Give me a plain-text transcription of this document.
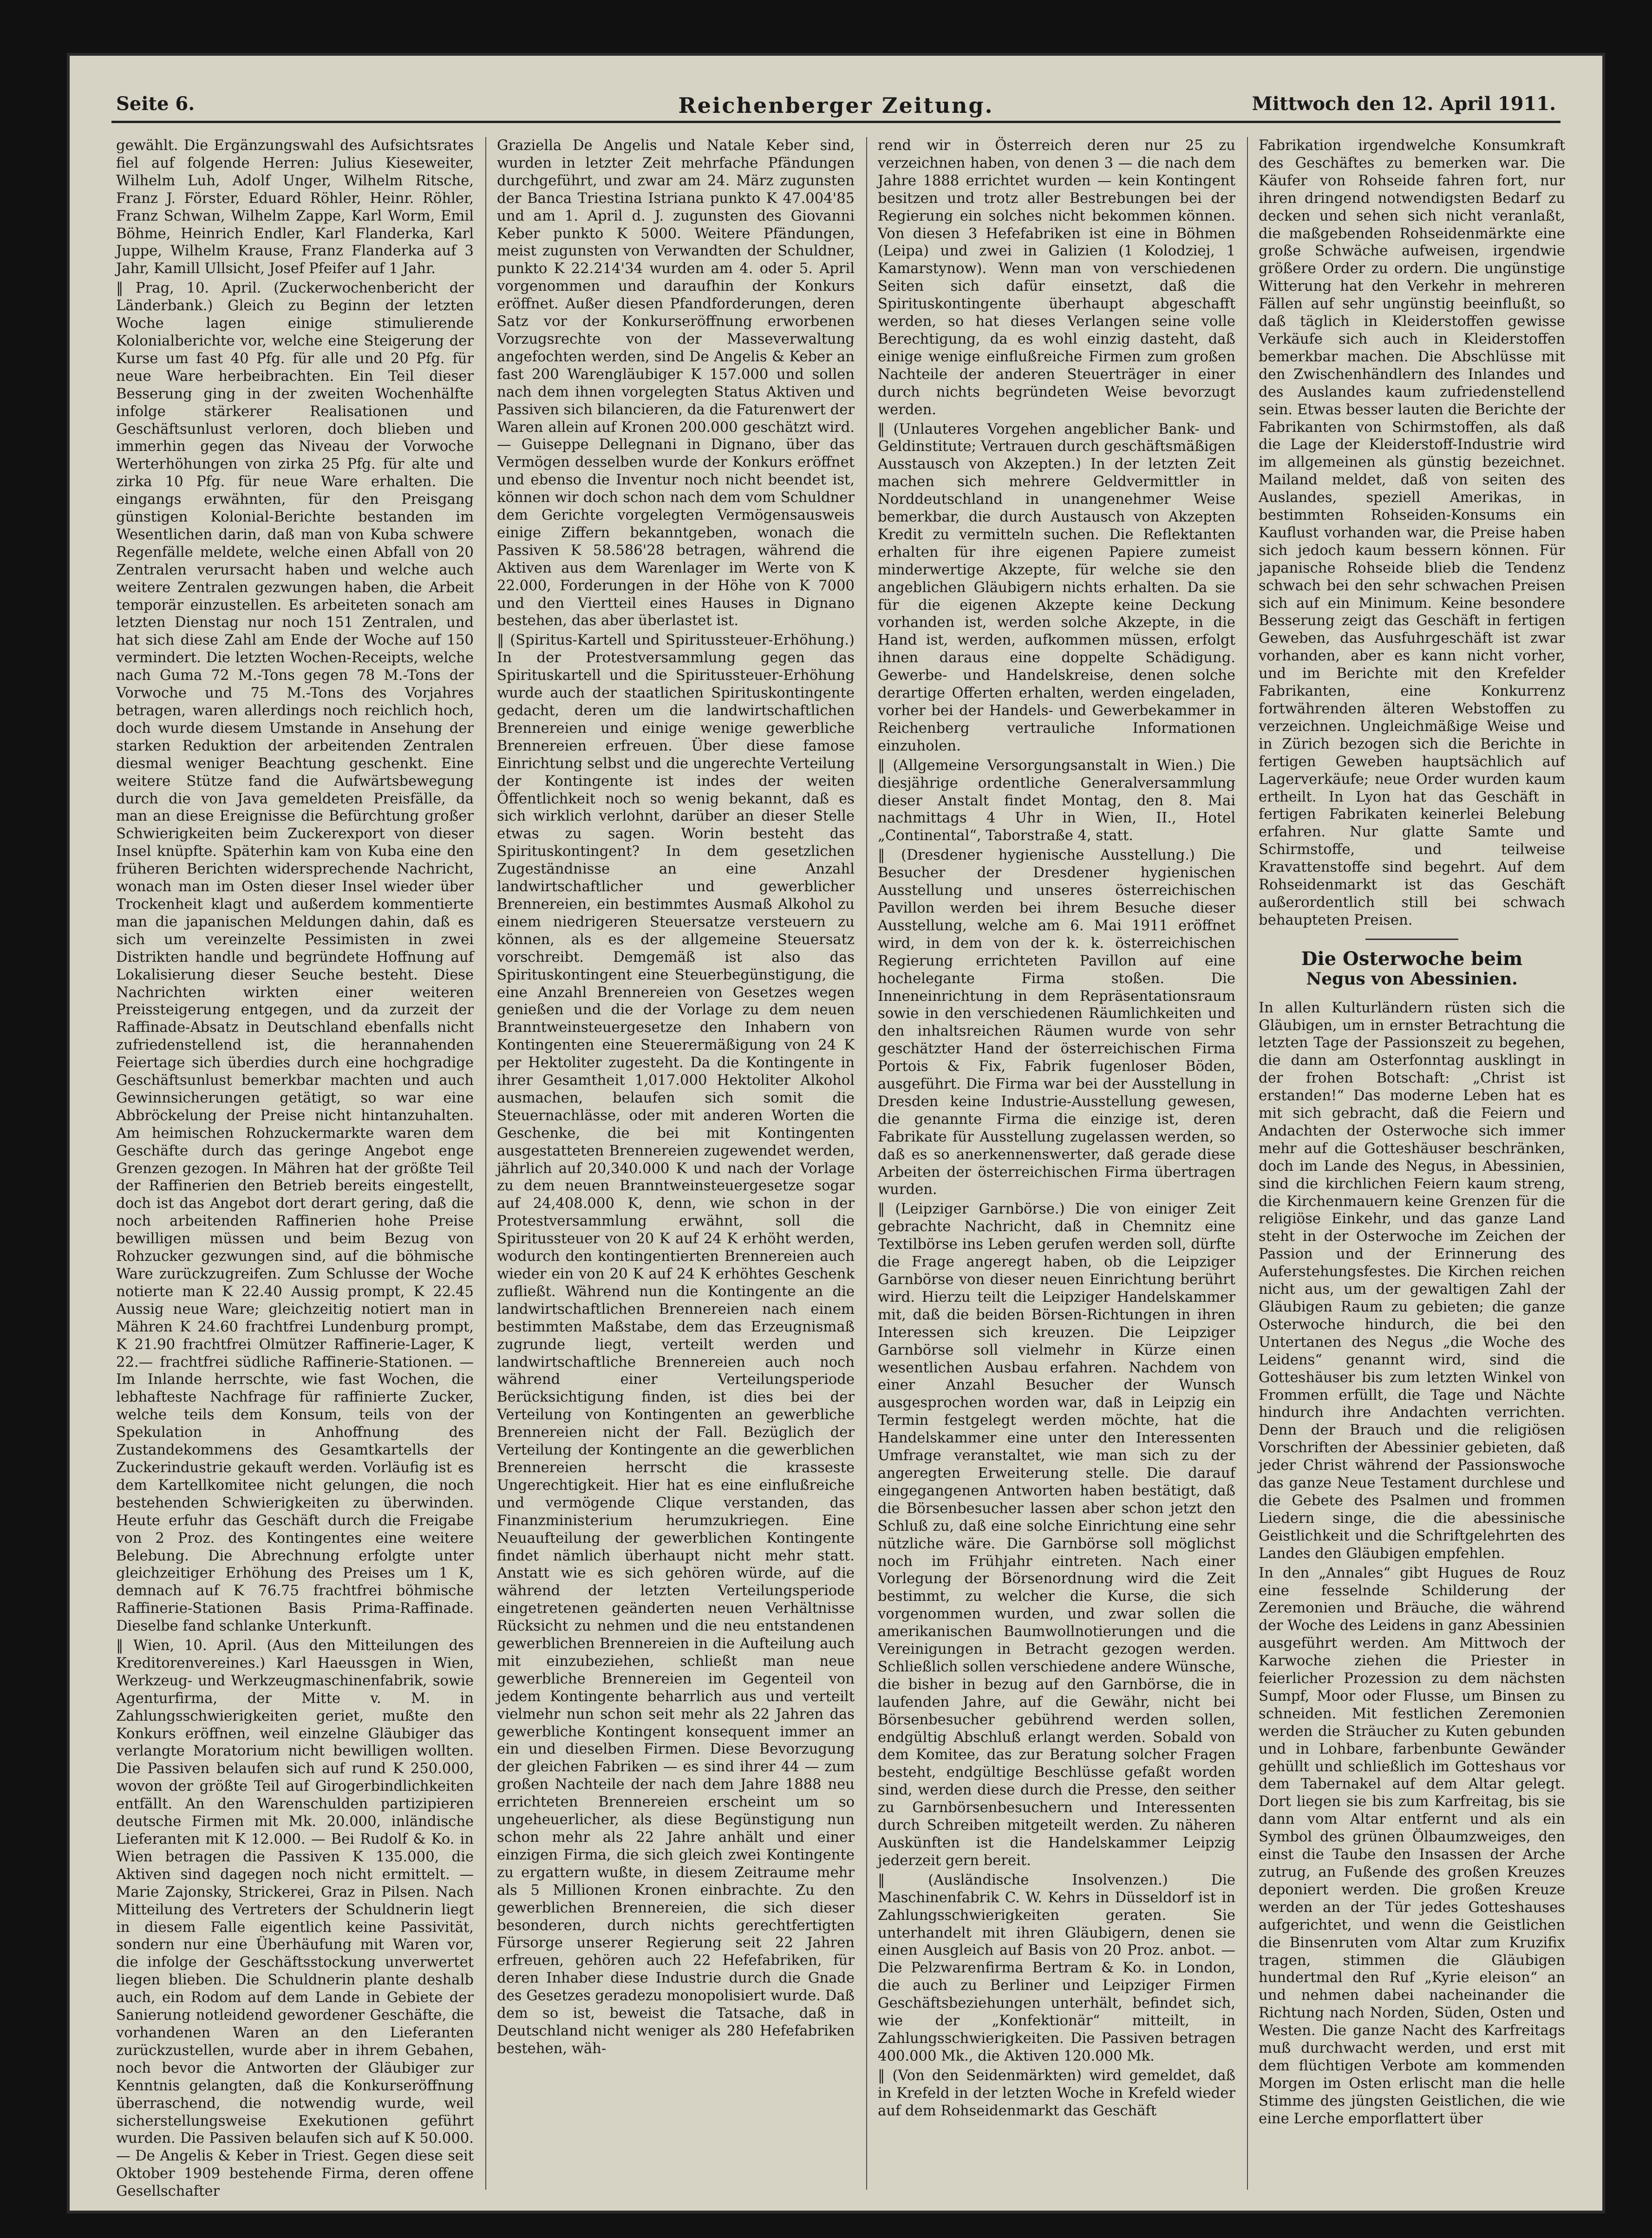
Seite 6.	Reichenberger Zeitung.	Mittwoch den 12. April 1911.

gewählt. Die Ergänzungswahl des Aufsichtsrates fiel auf folgende Herren: Julius Kieseweiter, Wilhelm Luh, Adolf Unger, Wilhelm Ritsche, Franz J. Förster, Eduard Röhler, Heinr. Röhler, Franz Schwan, Wilhelm Zappe, Karl Worm, Emil Böhme, Heinrich Endler, Karl Flanderka, Karl Juppe, Wilhelm Krause, Franz Flanderka auf 3 Jahr, Kamill Ullsicht, Josef Pfeifer auf 1 Jahr.

‖ Prag, 10. April. (Zuckerwochenbericht der Länderbank.) Gleich zu Beginn der letzten Woche lagen einige stimulierende Kolonialberichte vor, welche eine Steigerung der Kurse um fast 40 Pfg. für alle und 20 Pfg. für neue Ware herbeibrachten. Ein Teil dieser Besserung ging in der zweiten Wochenhälfte infolge stärkerer Realisationen und Geschäftsunlust verloren, doch blieben und immerhin gegen das Niveau der Vorwoche Werterhöhungen von zirka 25 Pfg. für alte und zirka 10 Pfg. für neue Ware erhalten. Die eingangs erwähnten, für den Preisgang günstigen Kolonial-Berichte bestanden im Wesentlichen darin, daß man von Kuba schwere Regenfälle meldete, welche einen Abfall von 20 Zentralen verursacht haben und welche auch weitere Zentralen gezwungen haben, die Arbeit temporär einzustellen. Es arbeiteten sonach am letzten Dienstag nur noch 151 Zentralen, und hat sich diese Zahl am Ende der Woche auf 150 vermindert. Die letzten Wochen-Receipts, welche nach Guma 72 M.-Tons gegen 78 M.-Tons der Vorwoche und 75 M.-Tons des Vorjahres betragen, waren allerdings noch reichlich hoch, doch wurde diesem Umstande in Ansehung der starken Reduktion der arbeitenden Zentralen diesmal weniger Beachtung geschenkt. Eine weitere Stütze fand die Aufwärtsbewegung durch die von Java gemeldeten Preisfälle, da man an diese Ereignisse die Befürchtung großer Schwierigkeiten beim Zuckerexport von dieser Insel knüpfte. Späterhin kam von Kuba eine den früheren Berichten widersprechende Nachricht, wonach man im Osten dieser Insel wieder über Trockenheit klagt und außerdem kommentierte man die japanischen Meldungen dahin, daß es sich um vereinzelte Pessimisten in zwei Distrikten handle und begründete Hoffnung auf Lokalisierung dieser Seuche besteht. Diese Nachrichten wirkten einer weiteren Preissteigerung entgegen, und da zurzeit der Raffinade-Absatz in Deutschland ebenfalls nicht zufriedenstellend ist, die herannahenden Feiertage sich überdies durch eine hochgradige Geschäftsunlust bemerkbar machten und auch Gewinnsicherungen getätigt, so war eine Abbröckelung der Preise nicht hintanzuhalten. Am heimischen Rohzuckermarkte waren dem Geschäfte durch das geringe Angebot enge Grenzen gezogen. In Mähren hat der größte Teil der Raffinerien den Betrieb bereits eingestellt, doch ist das Angebot dort derart gering, daß die noch arbeitenden Raffinerien hohe Preise bewilligen müssen und beim Bezug von Rohzucker gezwungen sind, auf die böhmische Ware zurückzugreifen. Zum Schlusse der Woche notierte man K 22.40 Aussig prompt, K 22.45 Aussig neue Ware; gleichzeitig notiert man in Mähren K 24.60 frachtfrei Lundenburg prompt, K 21.90 frachtfrei Olmützer Raffinerie-Lager, K 22.— frachtfrei südliche Raffinerie-Stationen. — Im Inlande herrschte, wie fast Wochen, die lebhafteste Nachfrage für raffinierte Zucker, welche teils dem Konsum, teils von der Spekulation in Anhoffnung des Zustandekommens des Gesamtkartells der Zuckerindustrie gekauft werden. Vorläufig ist es dem Kartellkomitee nicht gelungen, die noch bestehenden Schwierigkeiten zu überwinden. Heute erfuhr das Geschäft durch die Freigabe von 2 Proz. des Kontingentes eine weitere Belebung. Die Abrechnung erfolgte unter gleichzeitiger Erhöhung des Preises um 1 K, demnach auf K 76.75 frachtfrei böhmische Raffinerie-Stationen Basis Prima-Raffinade. Dieselbe fand schlanke Unterkunft.

‖ Wien, 10. April. (Aus den Mitteilungen des Kreditorenvereines.) Karl Haeussgen in Wien, Werkzeug- und Werkzeugmaschinenfabrik, sowie Agenturfirma, der Mitte v. M. in Zahlungsschwierigkeiten geriet, mußte den Konkurs eröffnen, weil einzelne Gläubiger das verlangte Moratorium nicht bewilligen wollten. Die Passiven belaufen sich auf rund K 250.000, wovon der größte Teil auf Girogerbindlichkeiten entfällt. An den Warenschulden partizipieren deutsche Firmen mit Mk. 20.000, inländische Lieferanten mit K 12.000. — Bei Rudolf & Ko. in Wien betragen die Passiven K 135.000, die Aktiven sind dagegen noch nicht ermittelt. — Marie Zajonsky, Strickerei, Graz in Pilsen. Nach Mitteilung des Vertreters der Schuldnerin liegt in diesem Falle eigentlich keine Passivität, sondern nur eine Überhäufung mit Waren vor, die infolge der Geschäftsstockung unverwertet liegen blieben. Die Schuldnerin plante deshalb auch, ein Rodom auf dem Lande in Gebiete der Sanierung notleidend gewordener Geschäfte, die vorhandenen Waren an den Lieferanten zurückzustellen, wurde aber in ihrem Gebahen, noch bevor die Antworten der Gläubiger zur Kenntnis gelangten, daß die Konkurseröffnung überraschend, die notwendig wurde, weil sicherstellungsweise Exekutionen geführt wurden. Die Passiven belaufen sich auf K 50.000. — De Angelis & Keber in Triest. Gegen diese seit Oktober 1909 bestehende Firma, deren offene Gesellschafter

Graziella De Angelis und Natale Keber sind, wurden in letzter Zeit mehrfache Pfändungen durchgeführt, und zwar am 24. März zugunsten der Banca Triestina Istriana punkto K 47.004'85 und am 1. April d. J. zugunsten des Giovanni Keber punkto K 5000. Weitere Pfändungen, meist zugunsten von Verwandten der Schuldner, punkto K 22.214'34 wurden am 4. oder 5. April vorgenommen und daraufhin der Konkurs eröffnet. Außer diesen Pfandforderungen, deren Satz vor der Konkurseröffnung erworbenen Vorzugsrechte von der Masseverwaltung angefochten werden, sind De Angelis & Keber an fast 200 Warengläubiger K 157.000 und sollen nach dem ihnen vorgelegten Status Aktiven und Passiven sich bilancieren, da die Faturenwert der Waren allein auf Kronen 200.000 geschätzt wird. — Guiseppe Dellegnani in Dignano, über das Vermögen desselben wurde der Konkurs eröffnet und ebenso die Inventur noch nicht beendet ist, können wir doch schon nach dem vom Schuldner dem Gerichte vorgelegten Vermögensausweis einige Ziffern bekanntgeben, wonach die Passiven K 58.586'28 betragen, während die Aktiven aus dem Warenlager im Werte von K 22.000, Forderungen in der Höhe von K 7000 und den Viertteil eines Hauses in Dignano bestehen, das aber überlastet ist.

‖ (Spiritus-Kartell und Spiritussteuer-Erhöhung.) In der Protestversammlung gegen das Spirituskartell und die Spiritussteuer-Erhöhung wurde auch der staatlichen Spirituskontingente gedacht, deren um die landwirtschaftlichen Brennereien und einige wenige gewerbliche Brennereien erfreuen. Über diese famose Einrichtung selbst und die ungerechte Verteilung der Kontingente ist indes der weiten Öffentlichkeit noch so wenig bekannt, daß es sich wirklich verlohnt, darüber an dieser Stelle etwas zu sagen. Worin besteht das Spirituskontingent? In dem gesetzlichen Zugeständnisse an eine Anzahl landwirtschaftlicher und gewerblicher Brennereien, ein bestimmtes Ausmaß Alkohol zu einem niedrigeren Steuersatze versteuern zu können, als es der allgemeine Steuersatz vorschreibt. Demgemäß ist also das Spirituskontingent eine Steuerbegünstigung, die eine Anzahl Brennereien von Gesetzes wegen genießen und die der Vorlage zu dem neuen Branntweinsteuergesetze den Inhabern von Kontingenten eine Steuerermäßigung von 24 K per Hektoliter zugesteht. Da die Kontingente in ihrer Gesamtheit 1,017.000 Hektoliter Alkohol ausmachen, belaufen sich somit die Steuernachlässe, oder mit anderen Worten die Geschenke, die bei mit Kontingenten ausgestatteten Brennereien zugewendet werden, jährlich auf 20,340.000 K und nach der Vorlage zu dem neuen Branntweinsteuergesetze sogar auf 24,408.000 K, denn, wie schon in der Protestversammlung erwähnt, soll die Spiritussteuer von 20 K auf 24 K erhöht werden, wodurch den kontingentierten Brennereien auch wieder ein von 20 K auf 24 K erhöhtes Geschenk zufließt. Während nun die Kontingente an die landwirtschaftlichen Brennereien nach einem bestimmten Maßstabe, dem das Erzeugnismaß zugrunde liegt, verteilt werden und landwirtschaftliche Brennereien auch noch während einer Verteilungsperiode Berücksichtigung finden, ist dies bei der Verteilung von Kontingenten an gewerbliche Brennereien nicht der Fall. Bezüglich der Verteilung der Kontingente an die gewerblichen Brennereien herrscht die krasseste Ungerechtigkeit. Hier hat es eine einflußreiche und vermögende Clique verstanden, das Finanzministerium herumzukriegen. Eine Neuaufteilung der gewerblichen Kontingente findet nämlich überhaupt nicht mehr statt. Anstatt wie es sich gehören würde, auf die während der letzten Verteilungsperiode eingetretenen geänderten neuen Verhältnisse Rücksicht zu nehmen und die neu entstandenen gewerblichen Brennereien in die Aufteilung auch mit einzubeziehen, schließt man neue gewerbliche Brennereien im Gegenteil von jedem Kontingente beharrlich aus und verteilt vielmehr nun schon seit mehr als 22 Jahren das gewerbliche Kontingent konsequent immer an ein und dieselben Firmen. Diese Bevorzugung der gleichen Fabriken — es sind ihrer 44 — zum großen Nachteile der nach dem Jahre 1888 neu errichteten Brennereien erscheint um so ungeheuerlicher, als diese Begünstigung nun schon mehr als 22 Jahre anhält und einer einzigen Firma, die sich gleich zwei Kontingente zu ergattern wußte, in diesem Zeitraume mehr als 5 Millionen Kronen einbrachte. Zu den gewerblichen Brennereien, die sich dieser besonderen, durch nichts gerechtfertigten Fürsorge unserer Regierung seit 22 Jahren erfreuen, gehören auch 22 Hefefabriken, für deren Inhaber diese Industrie durch die Gnade des Gesetzes geradezu monopolisiert wurde. Daß dem so ist, beweist die Tatsache, daß in Deutschland nicht weniger als 280 Hefefabriken bestehen, wäh-

rend wir in Österreich deren nur 25 zu verzeichnen haben, von denen 3 — die nach dem Jahre 1888 errichtet wurden — kein Kontingent besitzen und trotz aller Bestrebungen bei der Regierung ein solches nicht bekommen können. Von diesen 3 Hefefabriken ist eine in Böhmen (Leipa) und zwei in Galizien (1 Kolodziej, 1 Kamarstynow). Wenn man von verschiedenen Seiten sich dafür einsetzt, daß die Spirituskontingente überhaupt abgeschafft werden, so hat dieses Verlangen seine volle Berechtigung, da es wohl einzig dasteht, daß einige wenige einflußreiche Firmen zum großen Nachteile der anderen Steuerträger in einer durch nichts begründeten Weise bevorzugt werden.

‖ (Unlauteres Vorgehen angeblicher Bank- und Geldinstitute; Vertrauen durch geschäftsmäßigen Ausstausch von Akzepten.) In der letzten Zeit machen sich mehrere Geldvermittler in Norddeutschland in unangenehmer Weise bemerkbar, die durch Austausch von Akzepten Kredit zu vermitteln suchen. Die Reflektanten erhalten für ihre eigenen Papiere zumeist minderwertige Akzepte, für welche sie den angeblichen Gläubigern nichts erhalten. Da sie für die eigenen Akzepte keine Deckung vorhanden ist, werden solche Akzepte, in die Hand ist, werden, aufkommen müssen, erfolgt ihnen daraus eine doppelte Schädigung. Gewerbe- und Handelskreise, denen solche derartige Offerten erhalten, werden eingeladen, vorher bei der Handels- und Gewerbekammer in Reichenberg vertrauliche Informationen einzuholen.

‖ (Allgemeine Versorgungsanstalt in Wien.) Die diesjährige ordentliche Generalversammlung dieser Anstalt findet Montag, den 8. Mai nachmittags 4 Uhr in Wien, II., Hotel „Continental“, Taborstraße 4, statt.

‖ (Dresdener hygienische Ausstellung.) Die Besucher der Dresdener hygienischen Ausstellung und unseres österreichischen Pavillon werden bei ihrem Besuche dieser Ausstellung, welche am 6. Mai 1911 eröffnet wird, in dem von der k. k. österreichischen Regierung errichteten Pavillon auf eine hochelegante Firma stoßen. Die Inneneinrichtung in dem Repräsentationsraum sowie in den verschiedenen Räumlichkeiten und den inhaltsreichen Räumen wurde von sehr geschätzter Hand der österreichischen Firma Portois & Fix, Fabrik fugenloser Böden, ausgeführt. Die Firma war bei der Ausstellung in Dresden keine Industrie-Ausstellung gewesen, die genannte Firma die einzige ist, deren Fabrikate für Ausstellung zugelassen werden, so daß es so anerkennenswerter, daß gerade diese Arbeiten der österreichischen Firma übertragen wurden.

‖ (Leipziger Garnbörse.) Die von einiger Zeit gebrachte Nachricht, daß in Chemnitz eine Textilbörse ins Leben gerufen werden soll, dürfte die Frage angeregt haben, ob die Leipziger Garnbörse von dieser neuen Einrichtung berührt wird. Hierzu teilt die Leipziger Handelskammer mit, daß die beiden Börsen-Richtungen in ihren Interessen sich kreuzen. Die Leipziger Garnbörse soll vielmehr in Kürze einen wesentlichen Ausbau erfahren. Nachdem von einer Anzahl Besucher der Wunsch ausgesprochen worden war, daß in Leipzig ein Termin festgelegt werden möchte, hat die Handelskammer eine unter den Interessenten Umfrage veranstaltet, wie man sich zu der angeregten Erweiterung stelle. Die darauf eingegangenen Antworten haben bestätigt, daß die Börsenbesucher lassen aber schon jetzt den Schluß zu, daß eine solche Einrichtung eine sehr nützliche wäre. Die Garnbörse soll möglichst noch im Frühjahr eintreten. Nach einer Vorlegung der Börsenordnung wird die Zeit bestimmt, zu welcher die Kurse, die sich vorgenommen wurden, und zwar sollen die amerikanischen Baumwollnotierungen und die Vereinigungen in Betracht gezogen werden. Schließlich sollen verschiedene andere Wünsche, die bisher in bezug auf den Garnbörse, die in laufenden Jahre, auf die Gewähr, nicht bei Börsenbesucher gebührend werden sollen, endgültig Abschluß erlangt werden. Sobald von dem Komitee, das zur Beratung solcher Fragen besteht, endgültige Beschlüsse gefaßt worden sind, werden diese durch die Presse, den seither zu Garnbörsenbesuchern und Interessenten durch Schreiben mitgeteilt werden. Zu näheren Auskünften ist die Handelskammer Leipzig jederzeit gern bereit.

‖ (Ausländische Insolvenzen.) Die Maschinenfabrik C. W. Kehrs in Düsseldorf ist in Zahlungsschwierigkeiten geraten. Sie unterhandelt mit ihren Gläubigern, denen sie einen Ausgleich auf Basis von 20 Proz. anbot. — Die Pelzwarenfirma Bertram & Ko. in London, die auch zu Berliner und Leipziger Firmen Geschäftsbeziehungen unterhält, befindet sich, wie der „Konfektionär“ mitteilt, in Zahlungsschwierigkeiten. Die Passiven betragen 400.000 Mk., die Aktiven 120.000 Mk.

‖ (Von den Seidenmärkten) wird gemeldet, daß in Krefeld in der letzten Woche in Krefeld wieder auf dem Rohseidenmarkt das Geschäft

Fabrikation irgendwelche Konsumkraft des Geschäftes zu bemerken war. Die Käufer von Rohseide fahren fort, nur ihren dringend notwendigsten Bedarf zu decken und sehen sich nicht veranlaßt, die maßgebenden Rohseidenmärkte eine große Schwäche aufweisen, irgendwie größere Order zu ordern. Die ungünstige Witterung hat den Verkehr in mehreren Fällen auf sehr ungünstig beeinflußt, so daß täglich in Kleiderstoffen gewisse Verkäufe sich auch in Kleiderstoffen bemerkbar machen. Die Abschlüsse mit den Zwischenhändlern des Inlandes und des Auslandes kaum zufriedenstellend sein. Etwas besser lauten die Berichte der Fabrikanten von Schirmstoffen, als daß die Lage der Kleiderstoff-Industrie wird im allgemeinen als günstig bezeichnet. Mailand meldet, daß von seiten des Auslandes, speziell Amerikas, in bestimmten Rohseiden-Konsums ein Kauflust vorhanden war, die Preise haben sich jedoch kaum bessern können. Für japanische Rohseide blieb die Tendenz schwach bei den sehr schwachen Preisen sich auf ein Minimum. Keine besondere Besserung zeigt das Geschäft in fertigen Geweben, das Ausfuhrgeschäft ist zwar vorhanden, aber es kann nicht vorher, und im Berichte mit den Krefelder Fabrikanten, eine Konkurrenz fortwährenden älteren Webstoffen zu verzeichnen. Ungleichmäßige Weise und in Zürich bezogen sich die Berichte in fertigen Geweben hauptsächlich auf Lagerverkäufe; neue Order wurden kaum ertheilt. In Lyon hat das Geschäft in fertigen Fabrikaten keinerlei Belebung erfahren. Nur glatte Samte und Schirmstoffe, und teilweise Kravattenstoffe sind begehrt. Auf dem Rohseidenmarkt ist das Geschäft außerordentlich still bei schwach behaupteten Preisen.

Die Osterwoche beim
Negus von Abessinien.

In allen Kulturländern rüsten sich die Gläubigen, um in ernster Betrachtung die letzten Tage der Passionszeit zu begehen, die dann am Osterfonntag ausklingt in der frohen Botschaft: „Christ ist erstanden!“ Das moderne Leben hat es mit sich gebracht, daß die Feiern und Andachten der Osterwoche sich immer mehr auf die Gotteshäuser beschränken, doch im Lande des Negus, in Abessinien, sind die kirchlichen Feiern kaum streng, die Kirchenmauern keine Grenzen für die religiöse Einkehr, und das ganze Land steht in der Osterwoche im Zeichen der Passion und der Erinnerung des Auferstehungsfestes. Die Kirchen reichen nicht aus, um der gewaltigen Zahl der Gläubigen Raum zu gebieten; die ganze Osterwoche hindurch, die bei den Untertanen des Negus „die Woche des Leidens“ genannt wird, sind die Gotteshäuser bis zum letzten Winkel von Frommen erfüllt, die Tage und Nächte hindurch ihre Andachten verrichten. Denn der Brauch und die religiösen Vorschriften der Abessinier gebieten, daß jeder Christ während der Passionswoche das ganze Neue Testament durchlese und die Gebete des Psalmen und frommen Liedern singe, die die abessinische Geistlichkeit und die Schriftgelehrten des Landes den Gläubigen empfehlen.

In den „Annales“ gibt Hugues de Rouz eine fesselnde Schilderung der Zeremonien und Bräuche, die während der Woche des Leidens in ganz Abessinien ausgeführt werden. Am Mittwoch der Karwoche ziehen die Priester in feierlicher Prozession zu dem nächsten Sumpf, Moor oder Flusse, um Binsen zu schneiden. Mit festlichen Zeremonien werden die Sträucher zu Kuten gebunden und in Lohbare, farbenbunte Gewänder gehüllt und schließlich im Gotteshaus vor dem Tabernakel auf dem Altar gelegt. Dort liegen sie bis zum Karfreitag, bis sie dann vom Altar entfernt und als ein Symbol des grünen Ölbaumzweiges, den einst die Taube den Insassen der Arche zutrug, an Fußende des großen Kreuzes deponiert werden. Die großen Kreuze werden an der Tür jedes Gotteshauses aufgerichtet, und wenn die Geistlichen die Binsenruten vom Altar zum Kruzifix tragen, stimmen die Gläubigen hundertmal den Ruf „Kyrie eleison“ an und nehmen dabei nacheinander die Richtung nach Norden, Süden, Osten und Westen. Die ganze Nacht des Karfreitags muß durchwacht werden, und erst mit dem flüchtigen Verbote am kommenden Morgen im Osten erlischt man die helle Stimme des jüngsten Geistlichen, die wie eine Lerche emporflattert über
